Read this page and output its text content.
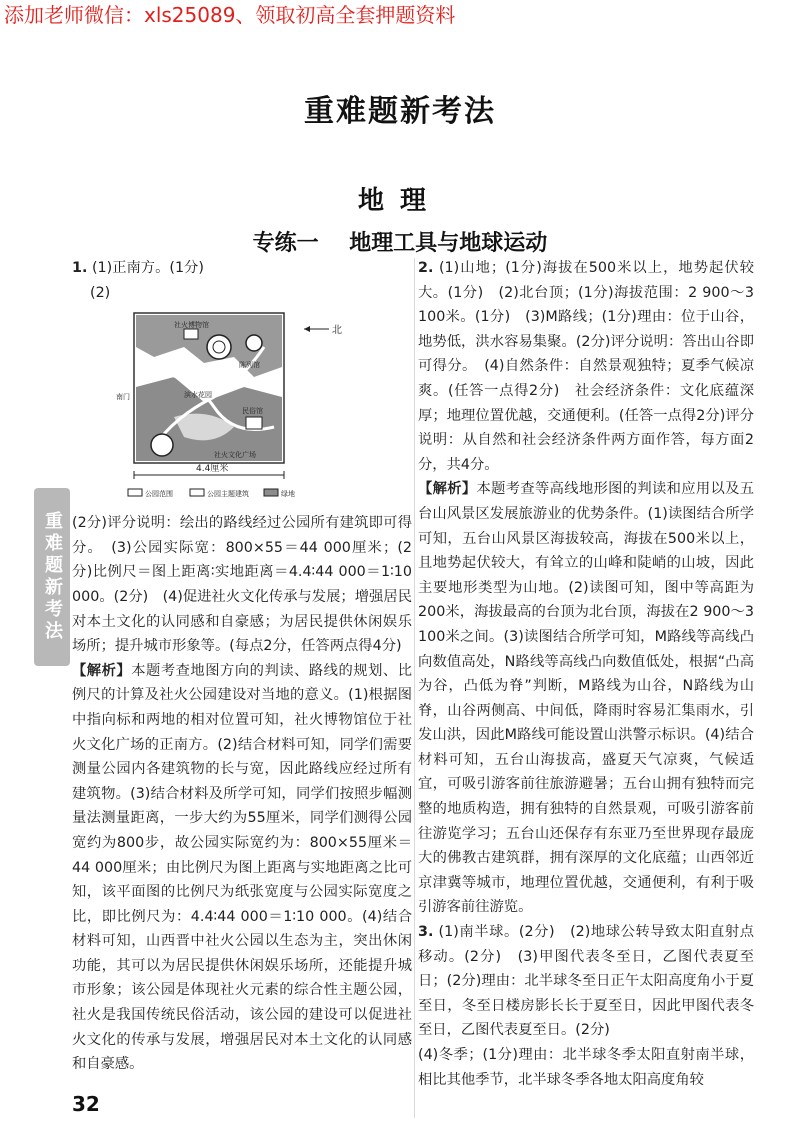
添加老师微信：xls25089、领取初高全套押题资料
重难题新考法
地理
专练一    地理工具与地球运动
重难题新考法

1. (1)正南方。(1分)

(2)

社火博物馆
陈列馆
南门	滨水花园
社火文化广场
民俗馆
北
4.4厘米
公园范围	公园主题建筑	绿地

(2分)评分说明：绘出的路线经过公园所有建筑即可得分。　(3)公园实际宽：800×55＝44 000厘米；(2分)比例尺＝图上距离∶实地距离＝4.4∶44 000＝1∶10 000。(2分)　(4)促进社火文化传承与发展；增强居民对本土文化的认同感和自豪感；为居民提供休闲娱乐场所；提升城市形象等。(每点2分，任答两点得4分)

【解析】本题考查地图方向的判读、路线的规划、比例尺的计算及社火公园建设对当地的意义。(1)根据图中指向标和两地的相对位置可知，社火博物馆位于社火文化广场的正南方。(2)结合材料可知，同学们需要测量公园内各建筑物的长与宽，因此路线应经过所有建筑物。(3)结合材料及所学可知，同学们按照步幅测量法测量距离，一步大约为55厘米，同学们测得公园宽约为800步，故公园实际宽约为：800×55厘米＝44 000厘米；由比例尺为图上距离与实地距离之比可知，该平面图的比例尺为纸张宽度与公园实际宽度之比，即比例尺为：4.4∶44 000＝1∶10 000。(4)结合材料可知，山西晋中社火公园以生态为主，突出休闲功能，其可以为居民提供休闲娱乐场所，还能提升城市形象；该公园是体现社火元素的综合性主题公园，社火是我国传统民俗活动，该公园的建设可以促进社火文化的传承与发展，增强居民对本土文化的认同感和自豪感。

2. (1)山地；(1分)海拔在500米以上，地势起伏较大。(1分)　(2)北台顶；(1分)海拔范围：2 900～3 100米。(1分)　(3)M路线；(1分)理由：位于山谷，地势低，洪水容易集聚。(2分)评分说明：答出山谷即可得分。　(4)自然条件：自然景观独特；夏季气候凉爽。(任答一点得2分)　社会经济条件：文化底蕴深厚；地理位置优越，交通便利。(任答一点得2分)评分说明：从自然和社会经济条件两方面作答，每方面2分，共4分。

【解析】本题考查等高线地形图的判读和应用以及五台山风景区发展旅游业的优势条件。(1)读图结合所学可知，五台山风景区海拔较高，海拔在500米以上，且地势起伏较大，有耸立的山峰和陡峭的山坡，因此主要地形类型为山地。(2)读图可知，图中等高距为200米，海拔最高的台顶为北台顶，海拔在2 900～3 100米之间。(3)读图结合所学可知，M路线等高线凸向数值高处，N路线等高线凸向数值低处，根据“凸高为谷，凸低为脊”判断，M路线为山谷，N路线为山脊，山谷两侧高、中间低，降雨时容易汇集雨水，引发山洪，因此M路线可能设置山洪警示标识。(4)结合材料可知，五台山海拔高，盛夏天气凉爽，气候适宜，可吸引游客前往旅游避暑；五台山拥有独特而完整的地质构造，拥有独特的自然景观，可吸引游客前往游览学习；五台山还保存有东亚乃至世界现存最庞大的佛教古建筑群，拥有深厚的文化底蕴；山西邻近京津冀等城市，地理位置优越，交通便利，有利于吸引游客前往游览。

3. (1)南半球。(2分)　(2)地球公转导致太阳直射点移动。(2分)　(3)甲图代表冬至日，乙图代表夏至日；(2分)理由：北半球冬至日正午太阳高度角小于夏至日，冬至日楼房影长长于夏至日，因此甲图代表冬至日，乙图代表夏至日。(2分)

(4)冬季；(1分)理由：北半球冬季太阳直射南半球，相比其他季节，北半球冬季各地太阳高度角较

32
